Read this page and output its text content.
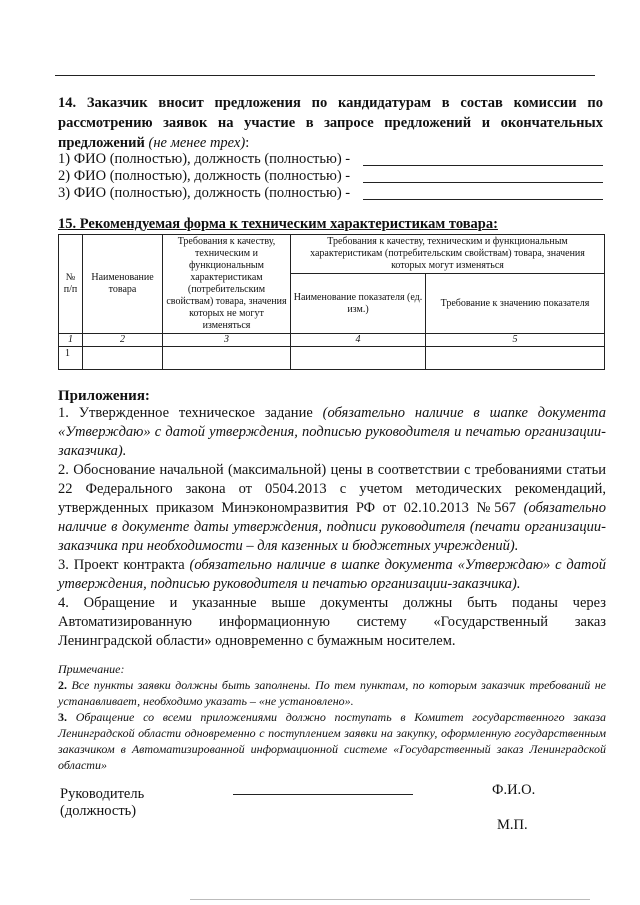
14. Заказчик вносит предложения по кандидатурам в состав комиссии по рассмотрению заявок на участие в запросе предложений и окончательных предложений (не менее трех):
1) ФИО (полностью), должность (полностью) -
2) ФИО (полностью), должность (полностью) -
3) ФИО (полностью), должность (полностью) -
15. Рекомендуемая форма к техническим характеристикам товара:
№ п/п	Наименование товара	Требования к качеству, техническим и функциональным характеристикам (потребительским свойствам) товара, значения которых не могут изменяться	Требования к качеству, техническим и функциональным характеристикам (потребительским свойствам) товара, значения которых могут изменяться	
			Наименование показателя (ед. изм.)	Требование к значению показателя
1	2	3	4	5
1				
Приложения:

1. Утвержденное техническое задание (обязательно наличие в шапке документа «Утверждаю» с датой утверждения, подписью руководителя и печатью организации-заказчика).

2. Обоснование начальной (максимальной) цены в соответствии с требованиями статьи 22 Федерального закона от 0504.2013 с учетом методических рекомендаций, утвержденных приказом Минэкономразвития РФ от 02.10.2013 №567 (обязательно наличие в документе даты утверждения, подписи руководителя (печати организации-заказчика при необходимости – для казенных и бюджетных учреждений).

3. Проект контракта (обязательно наличие в шапке документа «Утверждаю» с датой утверждения, подписью руководителя и печатью организации-заказчика).

4. Обращение и указанные выше документы должны быть поданы через Автоматизированную информационную систему «Государственный заказ Ленинградской области» одновременно с бумажным носителем.

Примечание:

2. Все пункты заявки должны быть заполнены. По тем пунктам, по которым заказчик требований не устанавливает, необходимо указать – «не установлено».

3. Обращение со всеми приложениями должно поступать в Комитет государственного заказа Ленинградской области одновременно с поступлением заявки на закупку, оформленную государственным заказчиком в Автоматизированной информационной системе «Государственный заказ Ленинградской области»

Руководитель
(должность)
Ф.И.О.
М.П.
